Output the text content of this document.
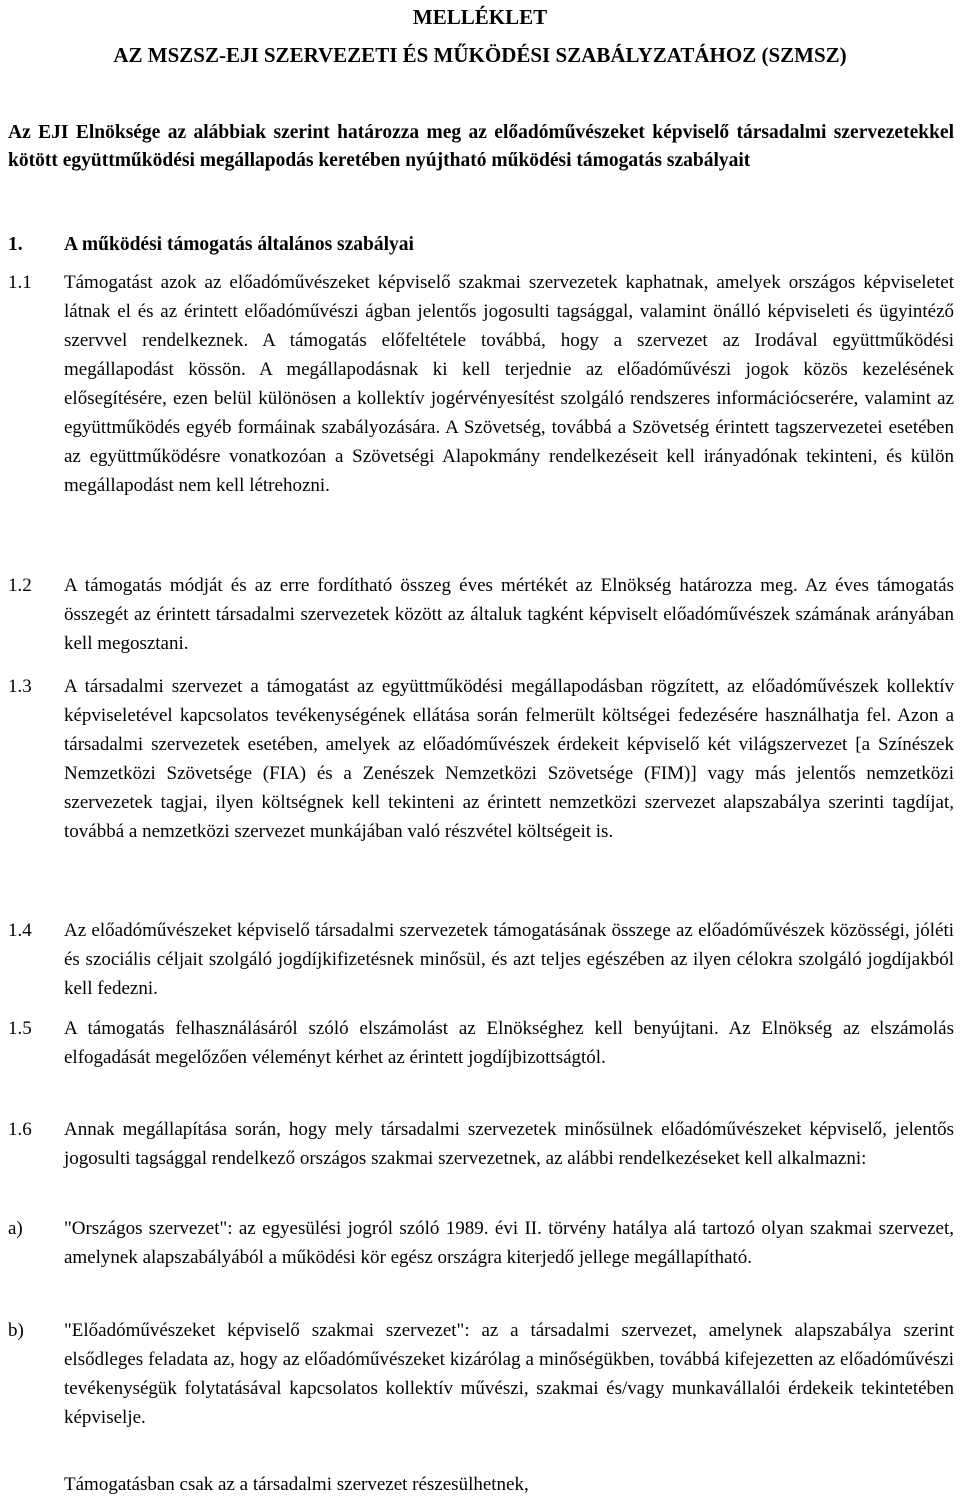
MELLÉKLET
AZ MSZSZ-EJI SZERVEZETI ÉS MŰKÖDÉSI SZABÁLYZATÁHOZ (SZMSZ)
Az EJI Elnöksége az alábbiak szerint határozza meg az előadóművészeket képviselő társadalmi szervezetekkel kötött együttműködési megállapodás keretében nyújtható működési támogatás szabályait
1. A működési támogatás általános szabályai
1.1	Támogatást azok az előadóművészeket képviselő szakmai szervezetek kaphatnak, amelyek országos képviseletet látnak el és az érintett előadóművészi ágban jelentős jogosulti tagsággal, valamint önálló képviseleti és ügyintéző szervvel rendelkeznek. A támogatás előfeltétele továbbá, hogy a szervezet az Irodával együttműködési megállapodást kössön. A megállapodásnak ki kell terjednie az előadóművészi jogok közös kezelésének elősegítésére, ezen belül különösen a kollektív jogérvényesítést szolgáló rendszeres információcserére, valamint az együttműködés egyéb formáinak szabályozására. A Szövetség, továbbá a Szövetség érintett tagszervezetei esetében az együttműködésre vonatkozóan a Szövetségi Alapokmány rendelkezéseit kell irányadónak tekinteni, és külön megállapodást nem kell létrehozni.
1.2	A támogatás módját és az erre fordítható összeg éves mértékét az Elnökség határozza meg. Az éves támogatás összegét az érintett társadalmi szervezetek között az általuk tagként képviselt előadóművészek számának arányában kell megosztani.
1.3	A társadalmi szervezet a támogatást az együttműködési megállapodásban rögzített, az előadóművészek kollektív képviseletével kapcsolatos tevékenységének ellátása során felmerült költségei fedezésére használhatja fel. Azon a társadalmi szervezetek esetében, amelyek az előadóművészek érdekeit képviselő két világszervezet [a Színészek Nemzetközi Szövetsége (FIA) és a Zenészek Nemzetközi Szövetsége (FIM)] vagy más jelentős nemzetközi szervezetek tagjai, ilyen költségnek kell tekinteni az érintett nemzetközi szervezet alapszabálya szerinti tagdíjat, továbbá a nemzetközi szervezet munkájában való részvétel költségeit is.
1.4	Az előadóművészeket képviselő társadalmi szervezetek támogatásának összege az előadóművészek közösségi, jóléti és szociális céljait szolgáló jogdíjkifizetésnek minősül, és azt teljes egészében az ilyen célokra szolgáló jogdíjakból kell fedezni.
1.5	A támogatás felhasználásáról szóló elszámolást az Elnökséghez kell benyújtani. Az Elnökség az elszámolás elfogadását megelőzően véleményt kérhet az érintett jogdíjbizottságtól.
1.6	Annak megállapítása során, hogy mely társadalmi szervezetek minősülnek előadóművészeket képviselő, jelentős jogosulti tagsággal rendelkező országos szakmai szervezetnek, az alábbi rendelkezéseket kell alkalmazni:
a)	"Országos szervezet": az egyesülési jogról szóló 1989. évi II. törvény hatálya alá tartozó olyan szakmai szervezet, amelynek alapszabályából a működési kör egész országra kiterjedő jellege megállapítható.
b)	"Előadóművészeket képviselő szakmai szervezet": az a társadalmi szervezet, amelynek alapszabálya szerint elsődleges feladata az, hogy az előadóművészeket kizárólag a minőségükben, továbbá kifejezetten az előadóművészi tevékenységük folytatásával kapcsolatos kollektív művészi, szakmai és/vagy munkavállalói érdekeik tekintetében képviselje.
Támogatásban csak az a társadalmi szervezet részesülhetnek,
